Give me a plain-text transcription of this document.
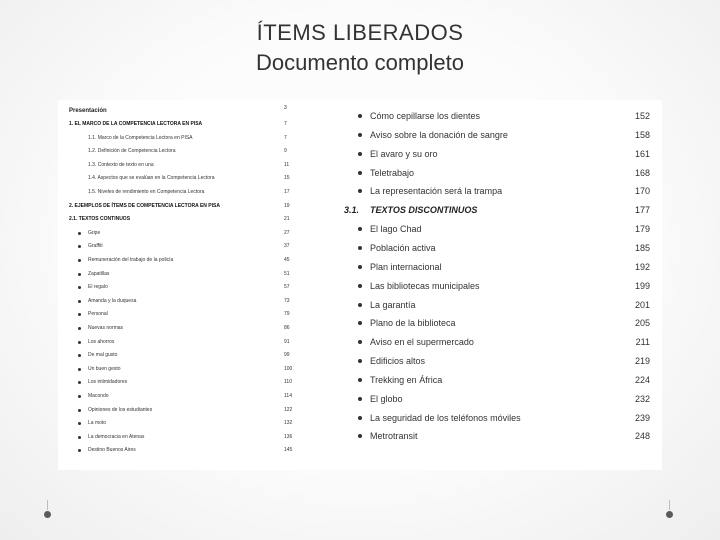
ÍTEMS LIBERADOS
Documento completo
Presentación	3
1. EL MARCO DE LA COMPETENCIA LECTORA EN PISA	7
1.1. Marco de la Competencia Lectora en PISA	7
1.2. Definición de Competencia Lectora	9
1.3. Contexto de texto en una	11
1.4. Aspectos que se evalúan en la Competencia Lectora	15
1.5. Niveles de rendimiento en Competencia Lectora	17
2. EJEMPLOS DE ÍTEMS DE COMPETENCIA LECTORA EN PISA	19
2.1. TEXTOS CONTINUOS	21
Gripe	27
Graffiti	37
Remuneración del trabajo de la policía	45
Zapatillas	51
El regalo	57
Amanda y la duquesa	73
Personal	79
Nuevas normas	86
Los ahorros	91
De mal gusto	99
Un buen gesto	100
Los intimidadores	110
Macondo	114
Opiniones de los estudiantes	122
La moto	132
La democracia en Atenas	136
Destino Buenos Aires	145
Cómo cepillarse los dientes	152
Aviso sobre la donación de sangre	158
El avaro y su oro	161
Teletrabajo	168
La representación será la trampa	170
3.1. TEXTOS DISCONTINUOS	177
El lago Chad	179
Población activa	185
Plan internacional	192
Las bibliotecas municipales	199
La garantía	201
Plano de la biblioteca	205
Aviso en el supermercado	211
Edificios altos	219
Trekking en África	224
El globo	232
La seguridad de los teléfonos móviles	239
Metrotransit	248
